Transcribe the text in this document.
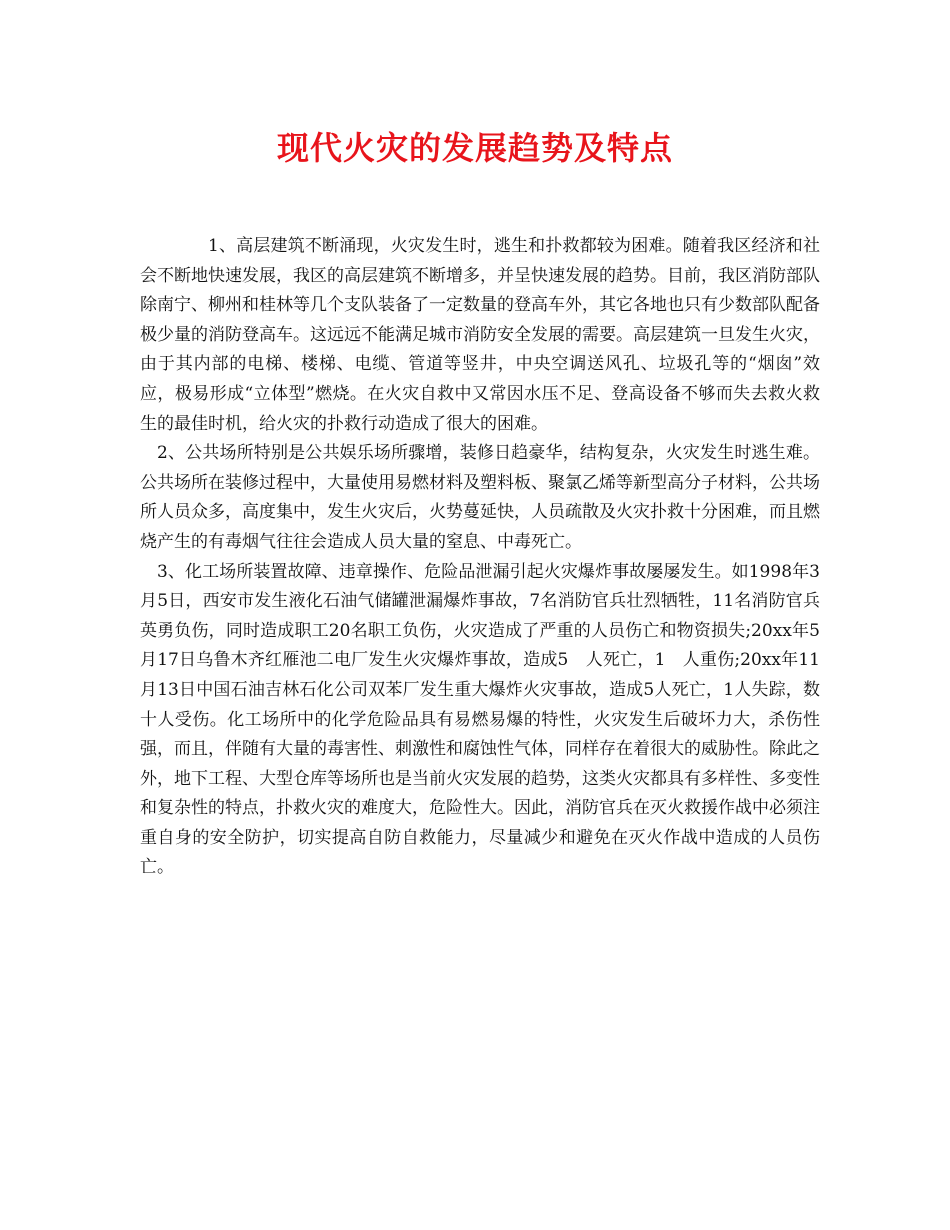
现代火灾的发展趋势及特点

1、高层建筑不断涌现，火灾发生时，逃生和扑救都较为困难。随着我区经济和社会不断地快速发展，我区的高层建筑不断增多，并呈快速发展的趋势。目前，我区消防部队除南宁、柳州和桂林等几个支队装备了一定数量的登高车外，其它各地也只有少数部队配备极少量的消防登高车。这远远不能满足城市消防安全发展的需要。高层建筑一旦发生火灾，由于其内部的电梯、楼梯、电缆、管道等竖井，中央空调送风孔、垃圾孔等的“烟囱”效应，极易形成“立体型”燃烧。在火灾自救中又常因水压不足、登高设备不够而失去救火救生的最佳时机，给火灾的扑救行动造成了很大的困难。

2、公共场所特别是公共娱乐场所骤增，装修日趋豪华，结构复杂，火灾发生时逃生难。公共场所在装修过程中，大量使用易燃材料及塑料板、聚氯乙烯等新型高分子材料，公共场所人员众多，高度集中，发生火灾后，火势蔓延快，人员疏散及火灾扑救十分困难，而且燃烧产生的有毒烟气往往会造成人员大量的窒息、中毒死亡。

3、化工场所装置故障、违章操作、危险品泄漏引起火灾爆炸事故屡屡发生。如1998年3月5日，西安市发生液化石油气储罐泄漏爆炸事故，7名消防官兵壮烈牺牲，11名消防官兵英勇负伤，同时造成职工20名职工负伤，火灾造成了严重的人员伤亡和物资损失;20xx年5月17日乌鲁木齐红雁池二电厂发生火灾爆炸事故，造成5　人死亡，1　人重伤;20xx年11月13日中国石油吉林石化公司双苯厂发生重大爆炸火灾事故，造成5人死亡，1人失踪，数十人受伤。化工场所中的化学危险品具有易燃易爆的特性，火灾发生后破坏力大，杀伤性强，而且，伴随有大量的毒害性、刺激性和腐蚀性气体，同样存在着很大的威胁性。除此之外，地下工程、大型仓库等场所也是当前火灾发展的趋势，这类火灾都具有多样性、多变性和复杂性的特点，扑救火灾的难度大，危险性大。因此，消防官兵在灭火救援作战中必须注重自身的安全防护，切实提高自防自救能力，尽量减少和避免在灭火作战中造成的人员伤亡。
